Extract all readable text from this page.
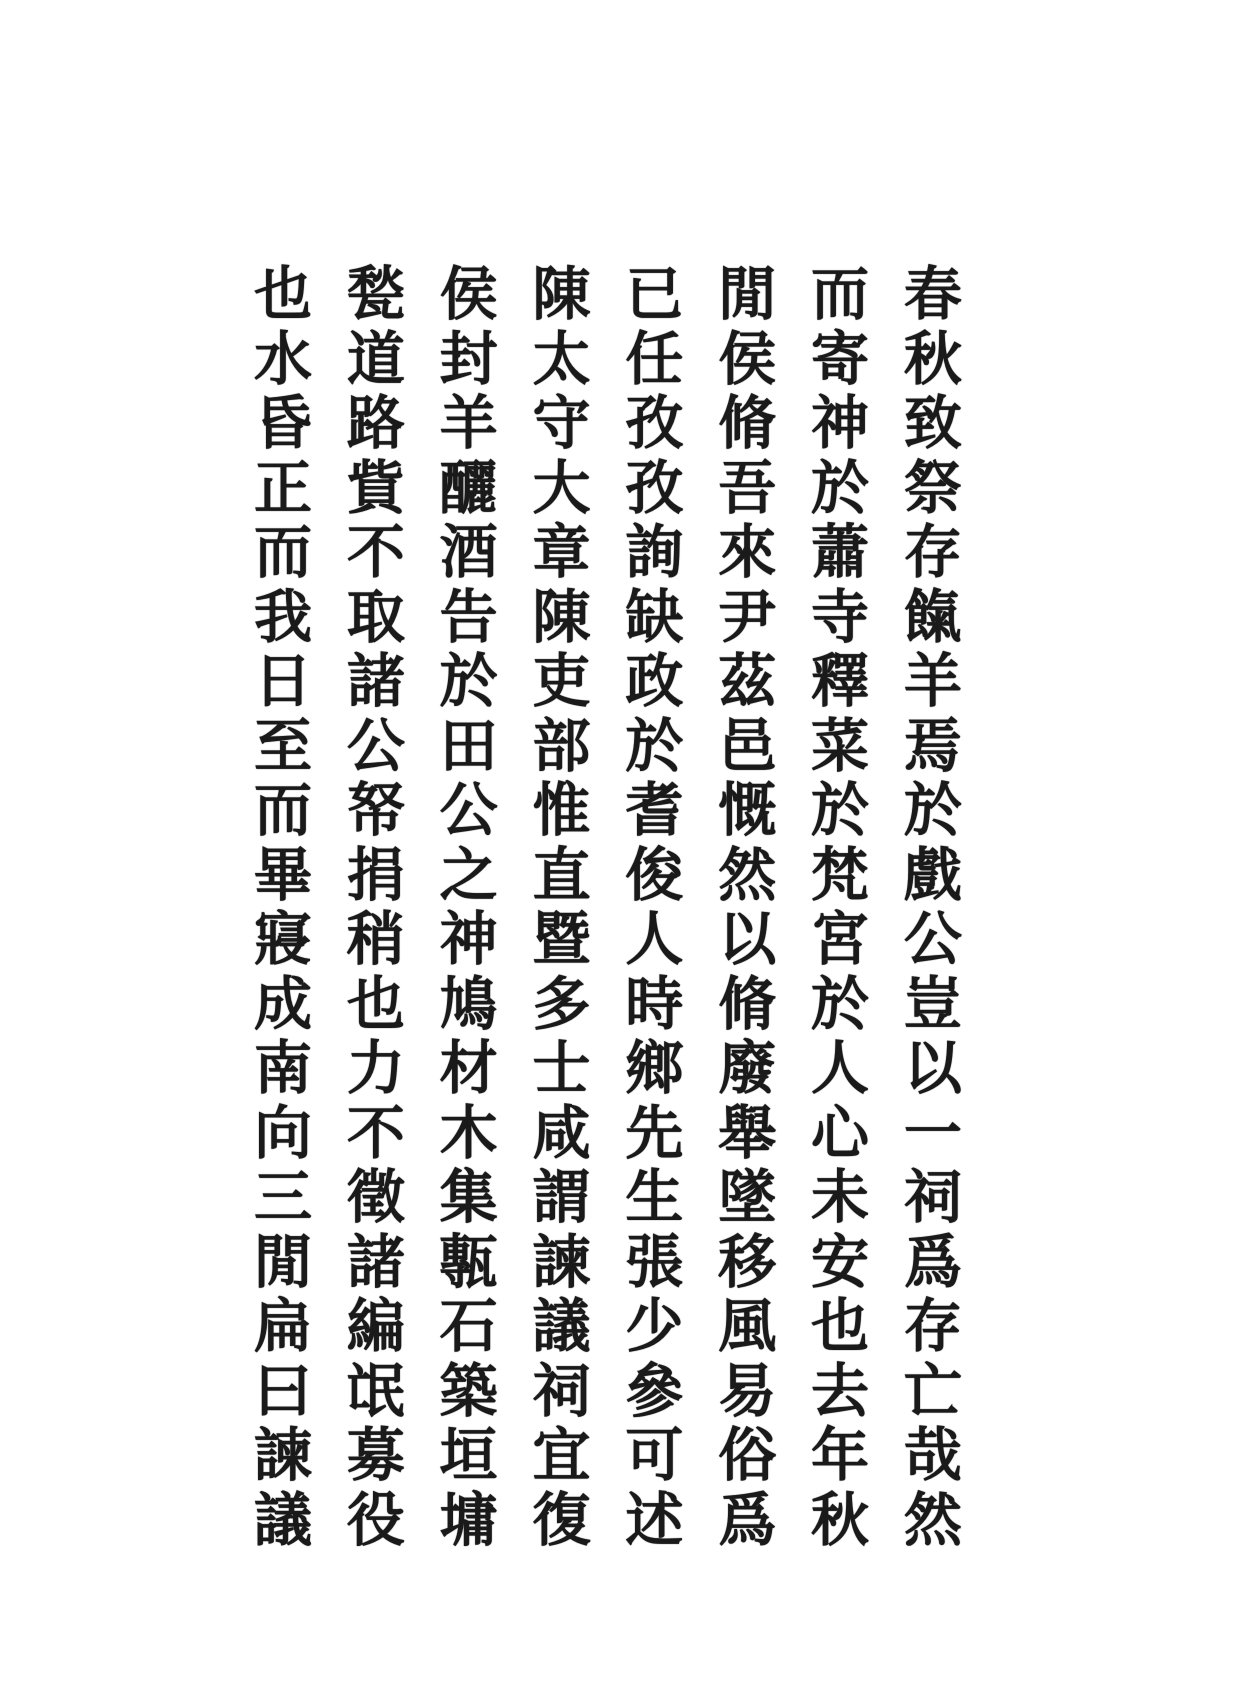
春
秋
致
祭
存
餼
羊
焉
於
戲
公
豈
以
一
祠
爲
存
亡
哉
然
而
寄
神
於
蕭
寺
釋
菜
於
梵
宮
於
人
心
未
安
也
去
年
秋
閒
侯
脩
吾
來
尹
茲
邑
慨
然
以
脩
廢
舉
墜
移
風
易
俗
爲
已
任
孜
孜
詢
缺
政
於
耆
俊
人
時
鄉
先
生
張
少
參
可
述
陳
太
守
大
章
陳
吏
部
惟
直
暨
多
士
咸
謂
諫
議
祠
宜
復
侯
封
羊
釃
酒
告
於
田
公
之
神
鳩
材
木
集
甎
石
築
垣
墉
甃
道
路
貲
不
取
諸
公
帑
捐
稍
也
力
不
徵
諸
編
氓
募
役
也
水
昏
正
而
我
日
至
而
畢
寢
成
南
向
三
閒
扁
曰
諫
議
